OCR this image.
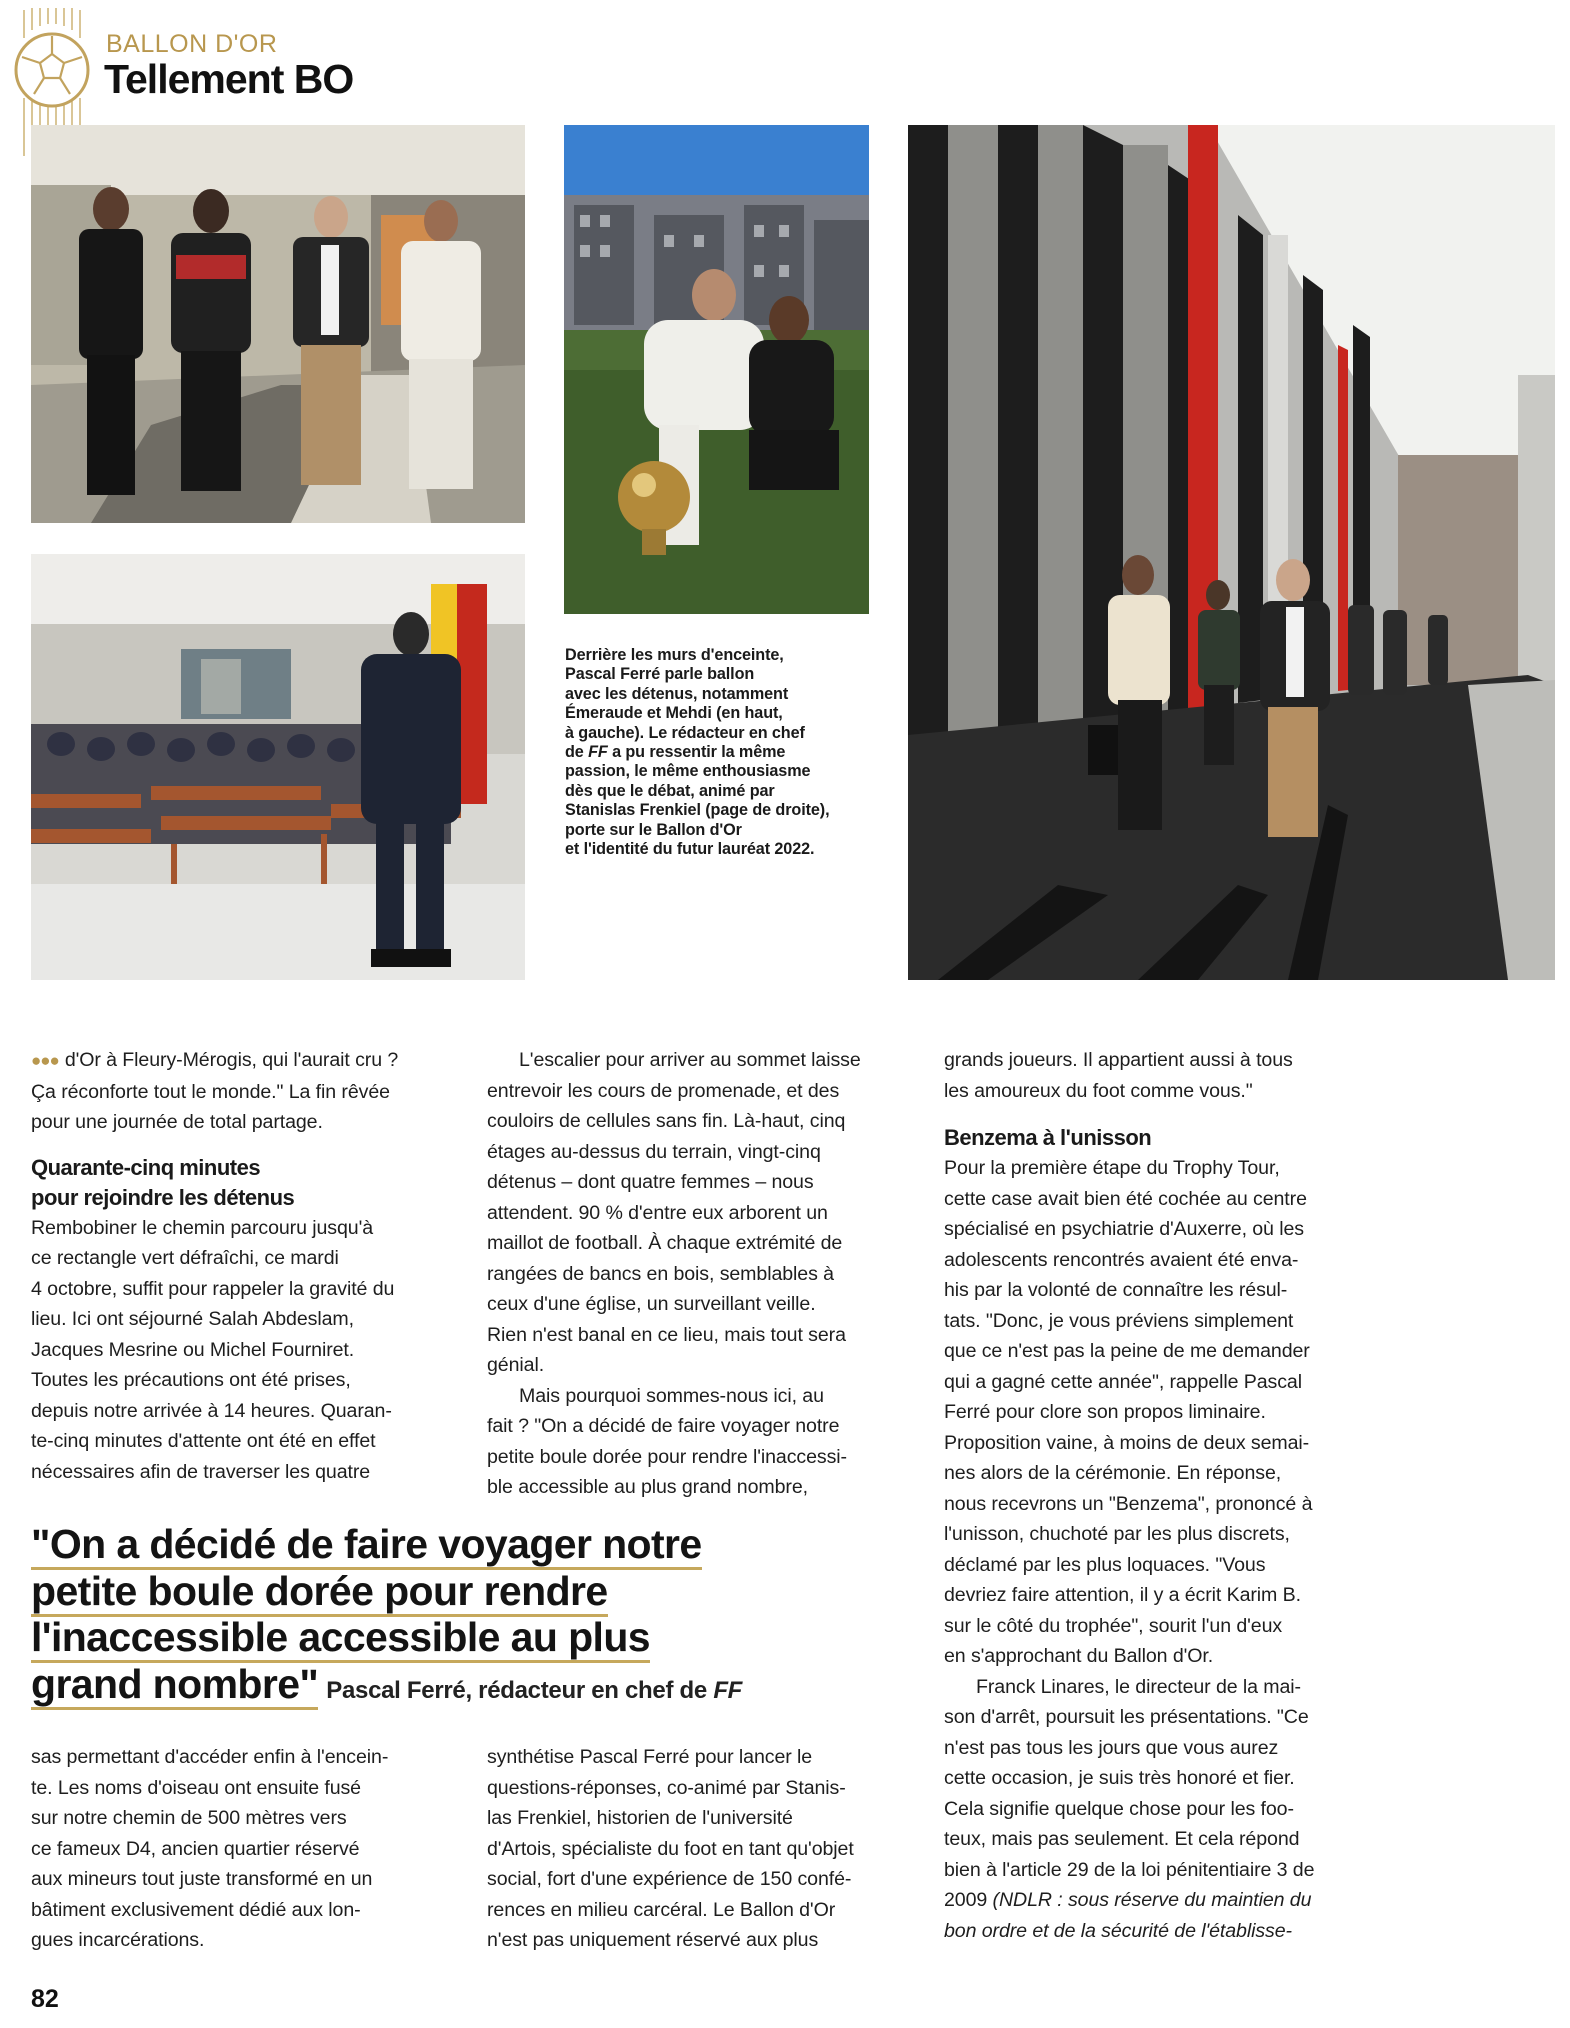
BALLON D'OR
Tellement BO
Derrière les murs d'enceinte,
Pascal Ferré parle ballon
avec les détenus, notamment
Émeraude et Mehdi (en haut,
à gauche). Le rédacteur en chef
de FF a pu ressentir la même
passion, le même enthousiasme
dès que le débat, animé par
Stanislas Frenkiel (page de droite),
porte sur le Ballon d'Or
et l'identité du futur lauréat 2022.
●●● d'Or à Fleury-Mérogis, qui l'aurait cru ?
Ça réconforte tout le monde." La fin rêvée
pour une journée de total partage.
Quarante-cinq minutes
pour rejoindre les détenus
Rembobiner le chemin parcouru jusqu'à
ce rectangle vert défraîchi, ce mardi
4 octobre, suffit pour rappeler la gravité du
lieu. Ici ont séjourné Salah Abdeslam,
Jacques Mesrine ou Michel Fourniret.
Toutes les précautions ont été prises,
depuis notre arrivée à 14 heures. Quaran-
te-cinq minutes d'attente ont été en effet
nécessaires afin de traverser les quatre
L'escalier pour arriver au sommet laisse
entrevoir les cours de promenade, et des
couloirs de cellules sans fin. Là-haut, cinq
étages au-dessus du terrain, vingt-cinq
détenus – dont quatre femmes – nous
attendent. 90 % d'entre eux arborent un
maillot de football. À chaque extrémité de
rangées de bancs en bois, semblables à
ceux d'une église, un surveillant veille.
Rien n'est banal en ce lieu, mais tout sera
génial.
Mais pourquoi sommes-nous ici, au
fait ? "On a décidé de faire voyager notre
petite boule dorée pour rendre l'inaccessi-
ble accessible au plus grand nombre,
grands joueurs. Il appartient aussi à tous
les amoureux du foot comme vous."
Benzema à l'unisson
Pour la première étape du Trophy Tour,
cette case avait bien été cochée au centre
spécialisé en psychiatrie d'Auxerre, où les
adolescents rencontrés avaient été enva-
his par la volonté de connaître les résul-
tats. "Donc, je vous préviens simplement
que ce n'est pas la peine de me demander
qui a gagné cette année", rappelle Pascal
Ferré pour clore son propos liminaire.
Proposition vaine, à moins de deux semai-
nes alors de la cérémonie. En réponse,
nous recevrons un "Benzema", prononcé à
l'unisson, chuchoté par les plus discrets,
déclamé par les plus loquaces. "Vous
devriez faire attention, il y a écrit Karim B.
sur le côté du trophée", sourit l'un d'eux
en s'approchant du Ballon d'Or.
Franck Linares, le directeur de la mai-
son d'arrêt, poursuit les présentations. "Ce
n'est pas tous les jours que vous aurez
cette occasion, je suis très honoré et fier.
Cela signifie quelque chose pour les foo-
teux, mais pas seulement. Et cela répond
bien à l'article 29 de la loi pénitentiaire 3 de
2009 (NDLR : sous réserve du maintien du
bon ordre et de la sécurité de l'établisse-
"On a décidé de faire voyager notre
petite boule dorée pour rendre
l'inaccessible accessible au plus
grand nombre" Pascal Ferré, rédacteur en chef de FF
sas permettant d'accéder enfin à l'encein-
te. Les noms d'oiseau ont ensuite fusé
sur notre chemin de 500 mètres vers
ce fameux D4, ancien quartier réservé
aux mineurs tout juste transformé en un
bâtiment exclusivement dédié aux lon-
gues incarcérations.
synthétise Pascal Ferré pour lancer le
questions-réponses, co-animé par Stanis-
las Frenkiel, historien de l'université
d'Artois, spécialiste du foot en tant qu'objet
social, fort d'une expérience de 150 confé-
rences en milieu carcéral. Le Ballon d'Or
n'est pas uniquement réservé aux plus
82
